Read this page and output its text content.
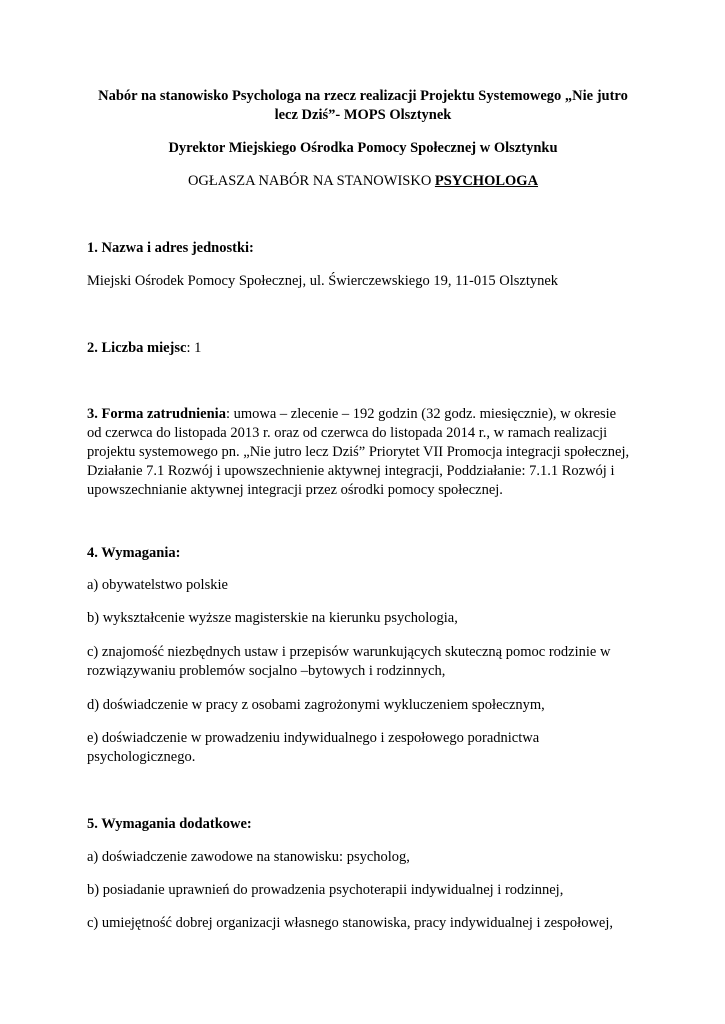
Nabór na stanowisko Psychologa na rzecz realizacji Projektu Systemowego „Nie jutro
lecz Dziś”- MOPS Olsztynek
Dyrektor Miejskiego Ośrodka Pomocy Społecznej w Olsztynku
OGŁASZA NABÓR NA STANOWISKO PSYCHOLOGA
1. Nazwa i adres jednostki:
Miejski Ośrodek Pomocy Społecznej, ul. Świerczewskiego 19, 11-015 Olsztynek
2. Liczba miejsc: 1
3. Forma zatrudnienia: umowa – zlecenie – 192 godzin (32 godz. miesięcznie), w okresie
od czerwca do listopada 2013 r. oraz od czerwca do listopada 2014 r., w ramach realizacji
projektu systemowego pn. „Nie jutro lecz Dziś” Priorytet VII Promocja integracji społecznej,
Działanie 7.1 Rozwój i upowszechnienie aktywnej integracji, Poddziałanie: 7.1.1 Rozwój i
upowszechnianie aktywnej integracji przez ośrodki pomocy społecznej.
4. Wymagania:
a) obywatelstwo polskie
b) wykształcenie wyższe magisterskie na kierunku psychologia,
c) znajomość niezbędnych ustaw i przepisów warunkujących skuteczną pomoc rodzinie w
rozwiązywaniu problemów socjalno –bytowych i rodzinnych,
d) doświadczenie w pracy z osobami zagrożonymi wykluczeniem społecznym,
e) doświadczenie w prowadzeniu indywidualnego i zespołowego poradnictwa
psychologicznego.
5. Wymagania dodatkowe:
a) doświadczenie zawodowe na stanowisku: psycholog,
b) posiadanie uprawnień do prowadzenia psychoterapii indywidualnej i rodzinnej,
c) umiejętność dobrej organizacji własnego stanowiska, pracy indywidualnej i zespołowej,
